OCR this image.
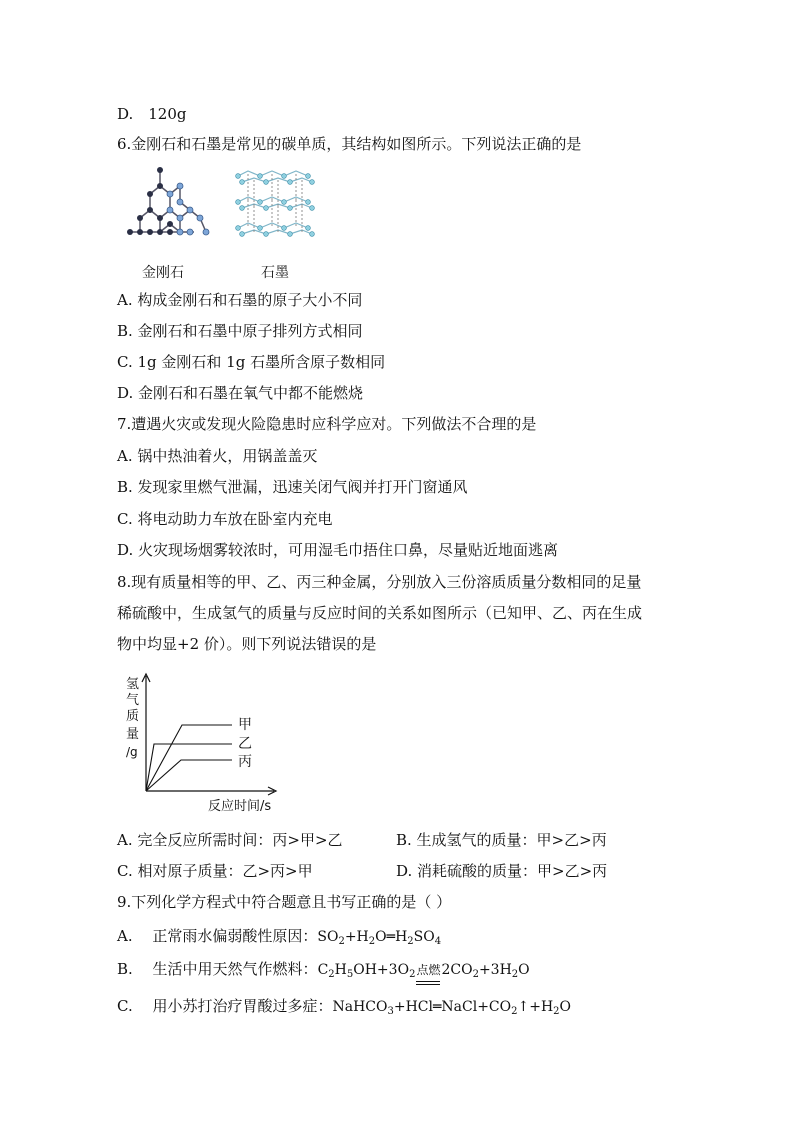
D.　120g
6.金刚石和石墨是常见的碳单质，其结构如图所示。下列说法正确的是
金刚石	石墨
A. 构成金刚石和石墨的原子大小不同
B. 金刚石和石墨中原子排列方式相同
C. 1g 金刚石和 1g 石墨所含原子数相同
D. 金刚石和石墨在氧气中都不能燃烧
7.遭遇火灾或发现火险隐患时应科学应对。下列做法不合理的是
A. 锅中热油着火，用锅盖盖灭
B. 发现家里燃气泄漏，迅速关闭气阀并打开门窗通风
C. 将电动助力车放在卧室内充电
D. 火灾现场烟雾较浓时，可用湿毛巾捂住口鼻，尽量贴近地面逃离
8.现有质量相等的甲、乙、丙三种金属，分别放入三份溶质质量分数相同的足量
稀硫酸中，生成氢气的质量与反应时间的关系如图所示（已知甲、乙、丙在生成
物中均显+2 价）。则下列说法错误的是
氢
气
质
量
/g
甲
乙
丙
反应时间/s
A. 完全反应所需时间：丙>甲>乙	B. 生成氢气的质量：甲>乙>丙
C. 相对原子质量：乙>丙>甲	D. 消耗硫酸的质量：甲>乙>丙
9.下列化学方程式中符合题意且书写正确的是（ ）
A.　 正常雨水偏弱酸性原因：$SO_2+H_2O═H_2SO_4$
B.　 生活中用天然气作燃料：$C_2H_5OH+3O_2$点燃
$2CO_2+3H_2O$
C.　 用小苏打治疗胃酸过多症：$NaHCO_3+HCl═NaCl+CO_2↑+H_2O$
